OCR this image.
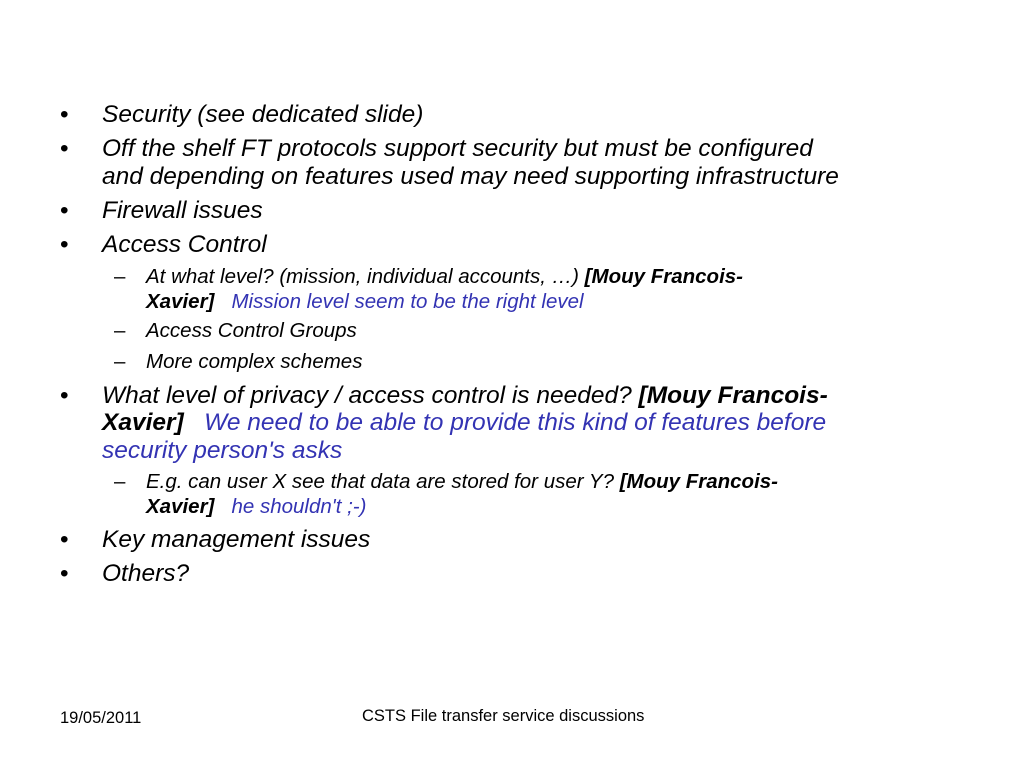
• Security (see dedicated slide)
• Off the shelf FT protocols support security but must be configured
and depending on features used may need supporting infrastructure
• Firewall issues
• Access Control
– At what level? (mission, individual accounts, …) [Mouy Francois-
Xavier] Mission level seem to be the right level
– Access Control Groups
– More complex schemes
• What level of privacy / access control is needed? [Mouy Francois-
Xavier] We need to be able to provide this kind of features before
security person's asks
– E.g. can user X see that data are stored for user Y? [Mouy Francois-
Xavier] he shouldn't ;-)
• Key management issues
• Others?
19/05/2011	CSTS File transfer service discussions
